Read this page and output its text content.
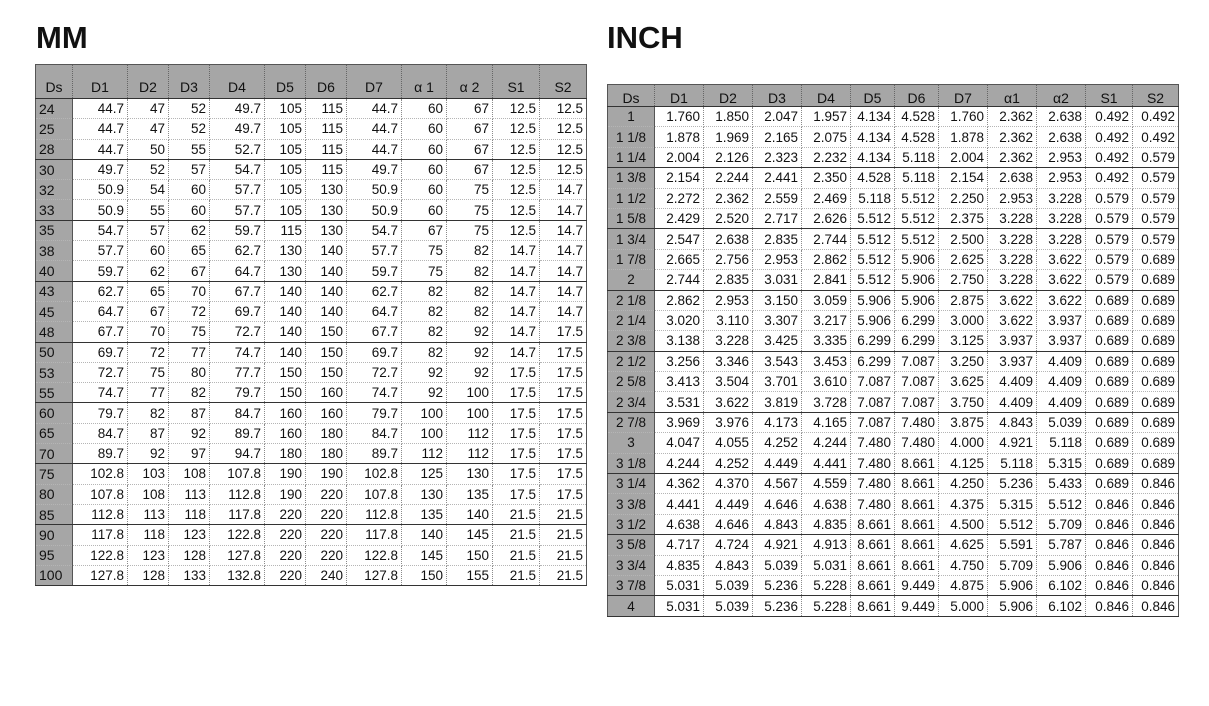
MM
Ds	D1	D2	D3	D4	D5	D6	D7	α 1	α 2	S1	S2
24	44.7	47	52	49.7	105	115	44.7	60	67	12.5	12.5
25	44.7	47	52	49.7	105	115	44.7	60	67	12.5	12.5
28	44.7	50	55	52.7	105	115	44.7	60	67	12.5	12.5
30	49.7	52	57	54.7	105	115	49.7	60	67	12.5	12.5
32	50.9	54	60	57.7	105	130	50.9	60	75	12.5	14.7
33	50.9	55	60	57.7	105	130	50.9	60	75	12.5	14.7
35	54.7	57	62	59.7	115	130	54.7	67	75	12.5	14.7
38	57.7	60	65	62.7	130	140	57.7	75	82	14.7	14.7
40	59.7	62	67	64.7	130	140	59.7	75	82	14.7	14.7
43	62.7	65	70	67.7	140	140	62.7	82	82	14.7	14.7
45	64.7	67	72	69.7	140	140	64.7	82	82	14.7	14.7
48	67.7	70	75	72.7	140	150	67.7	82	92	14.7	17.5
50	69.7	72	77	74.7	140	150	69.7	82	92	14.7	17.5
53	72.7	75	80	77.7	150	150	72.7	92	92	17.5	17.5
55	74.7	77	82	79.7	150	160	74.7	92	100	17.5	17.5
60	79.7	82	87	84.7	160	160	79.7	100	100	17.5	17.5
65	84.7	87	92	89.7	160	180	84.7	100	112	17.5	17.5
70	89.7	92	97	94.7	180	180	89.7	112	112	17.5	17.5
75	102.8	103	108	107.8	190	190	102.8	125	130	17.5	17.5
80	107.8	108	113	112.8	190	220	107.8	130	135	17.5	17.5
85	112.8	113	118	117.8	220	220	112.8	135	140	21.5	21.5
90	117.8	118	123	122.8	220	220	117.8	140	145	21.5	21.5
95	122.8	123	128	127.8	220	220	122.8	145	150	21.5	21.5
100	127.8	128	133	132.8	220	240	127.8	150	155	21.5	21.5
INCH
Ds	D1	D2	D3	D4	D5	D6	D7	α1	α2	S1	S2
1	1.760	1.850	2.047	1.957	4.134	4.528	1.760	2.362	2.638	0.492	0.492
1 1/8	1.878	1.969	2.165	2.075	4.134	4.528	1.878	2.362	2.638	0.492	0.492
1 1/4	2.004	2.126	2.323	2.232	4.134	5.118	2.004	2.362	2.953	0.492	0.579
1 3/8	2.154	2.244	2.441	2.350	4.528	5.118	2.154	2.638	2.953	0.492	0.579
1 1/2	2.272	2.362	2.559	2.469	5.118	5.512	2.250	2.953	3.228	0.579	0.579
1 5/8	2.429	2.520	2.717	2.626	5.512	5.512	2.375	3.228	3.228	0.579	0.579
1 3/4	2.547	2.638	2.835	2.744	5.512	5.512	2.500	3.228	3.228	0.579	0.579
1 7/8	2.665	2.756	2.953	2.862	5.512	5.906	2.625	3.228	3.622	0.579	0.689
2	2.744	2.835	3.031	2.841	5.512	5.906	2.750	3.228	3.622	0.579	0.689
2 1/8	2.862	2.953	3.150	3.059	5.906	5.906	2.875	3.622	3.622	0.689	0.689
2 1/4	3.020	3.110	3.307	3.217	5.906	6.299	3.000	3.622	3.937	0.689	0.689
2 3/8	3.138	3.228	3.425	3.335	6.299	6.299	3.125	3.937	3.937	0.689	0.689
2 1/2	3.256	3.346	3.543	3.453	6.299	7.087	3.250	3.937	4.409	0.689	0.689
2 5/8	3.413	3.504	3.701	3.610	7.087	7.087	3.625	4.409	4.409	0.689	0.689
2 3/4	3.531	3.622	3.819	3.728	7.087	7.087	3.750	4.409	4.409	0.689	0.689
2 7/8	3.969	3.976	4.173	4.165	7.087	7.480	3.875	4.843	5.039	0.689	0.689
3	4.047	4.055	4.252	4.244	7.480	7.480	4.000	4.921	5.118	0.689	0.689
3 1/8	4.244	4.252	4.449	4.441	7.480	8.661	4.125	5.118	5.315	0.689	0.689
3 1/4	4.362	4.370	4.567	4.559	7.480	8.661	4.250	5.236	5.433	0.689	0.846
3 3/8	4.441	4.449	4.646	4.638	7.480	8.661	4.375	5.315	5.512	0.846	0.846
3 1/2	4.638	4.646	4.843	4.835	8.661	8.661	4.500	5.512	5.709	0.846	0.846
3 5/8	4.717	4.724	4.921	4.913	8.661	8.661	4.625	5.591	5.787	0.846	0.846
3 3/4	4.835	4.843	5.039	5.031	8.661	8.661	4.750	5.709	5.906	0.846	0.846
3 7/8	5.031	5.039	5.236	5.228	8.661	9.449	4.875	5.906	6.102	0.846	0.846
4	5.031	5.039	5.236	5.228	8.661	9.449	5.000	5.906	6.102	0.846	0.846
